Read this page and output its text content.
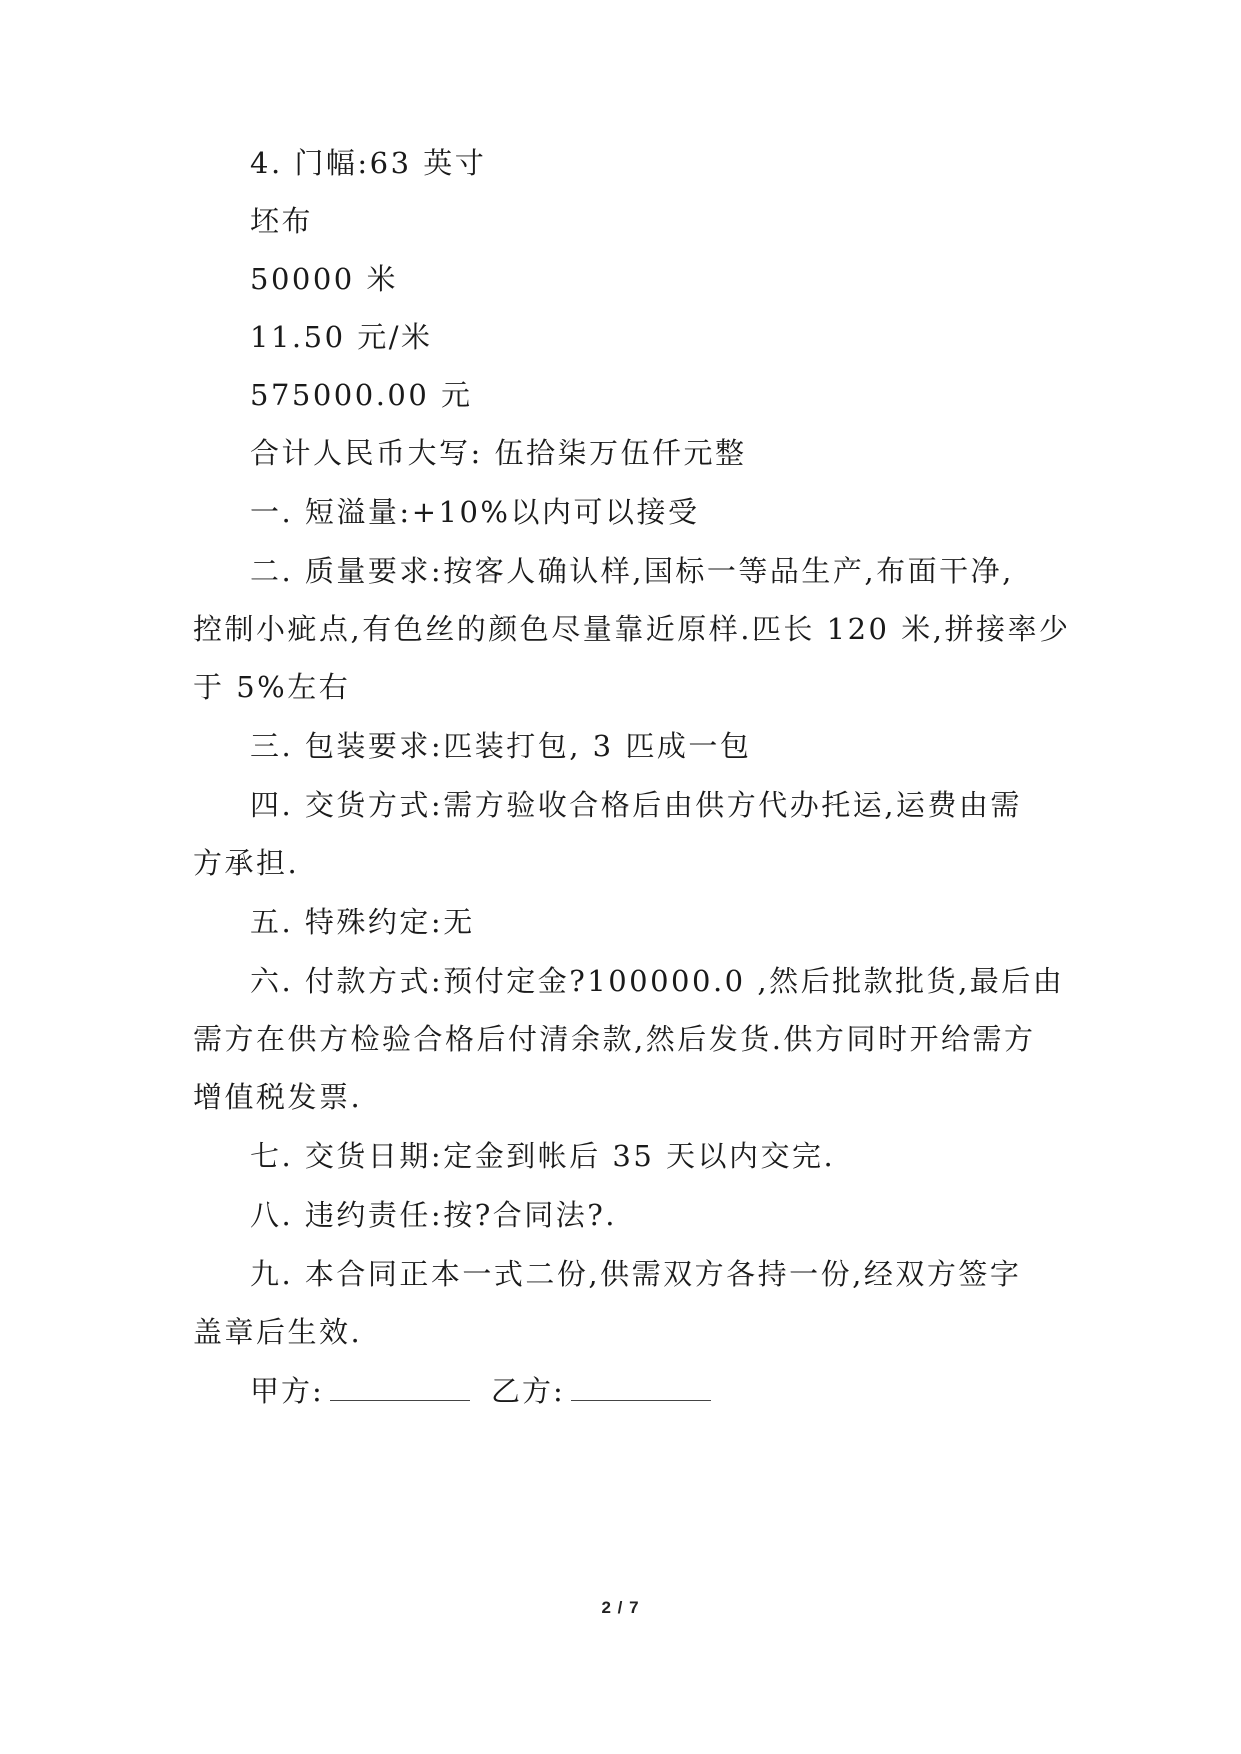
4. 门幅:63 英寸
坯布
50000 米
11.50 元/米
575000.00 元
合计人民币大写: 伍拾柒万伍仟元整
一. 短溢量:+10%以内可以接受
二. 质量要求:按客人确认样,国标一等品生产,布面干净,
控制小疵点,有色丝的颜色尽量靠近原样.匹长 120 米,拼接率少
于 5%左右
三. 包装要求:匹装打包, 3 匹成一包
四. 交货方式:需方验收合格后由供方代办托运,运费由需
方承担.
五. 特殊约定:无
六. 付款方式:预付定金?100000.0 ,然后批款批货,最后由
需方在供方检验合格后付清余款,然后发货.供方同时开给需方
增值税发票.
七. 交货日期:定金到帐后 35 天以内交完.
八. 违约责任:按?合同法?.
九. 本合同正本一式二份,供需双方各持一份,经双方签字
盖章后生效.
甲方:	乙方:
2 / 7
